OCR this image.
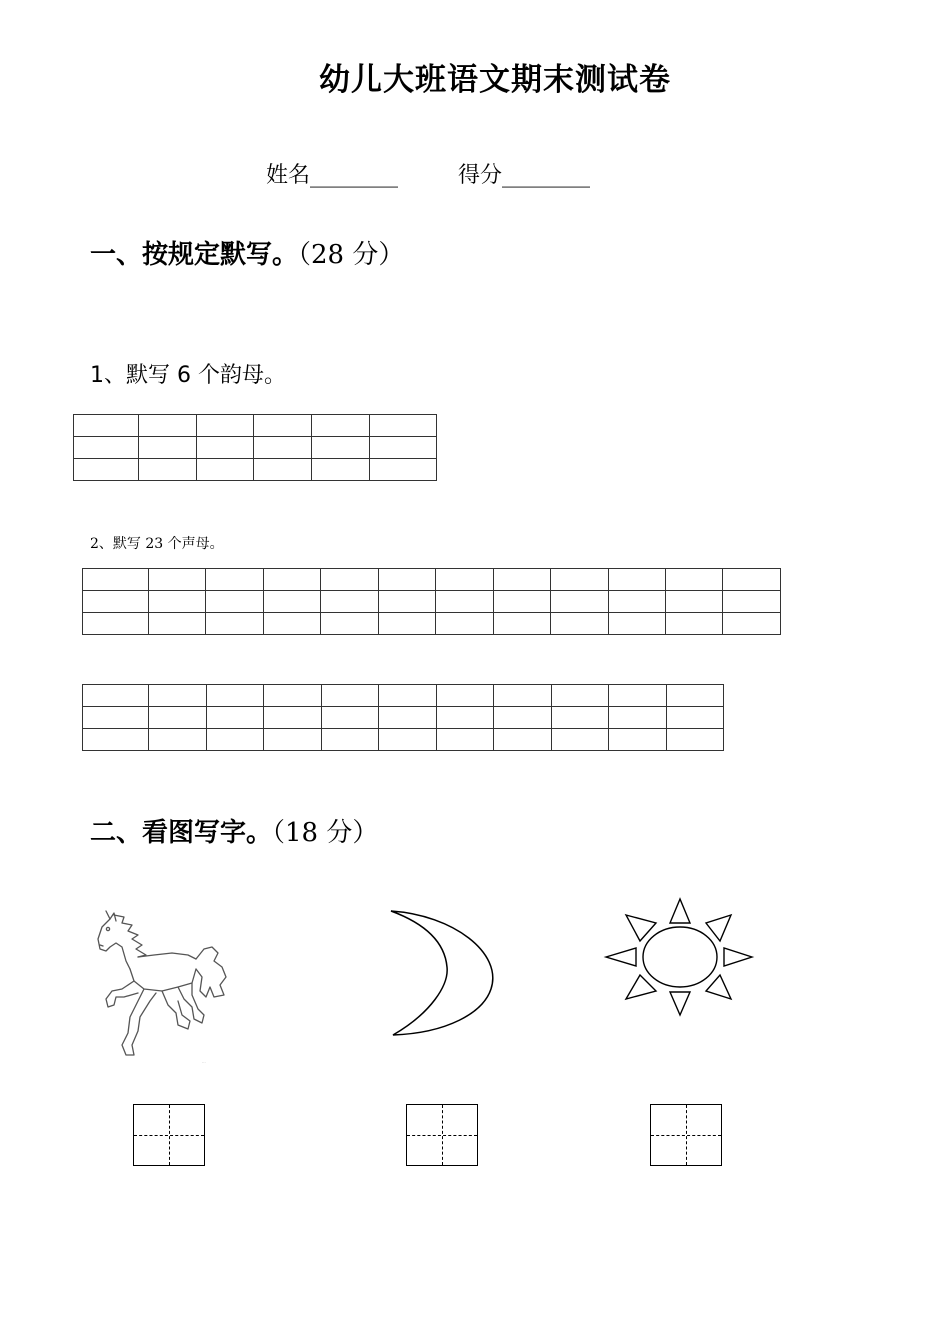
幼儿大班语文期末测试卷
姓名________	得分________
一、按规定默写。（28 分）
1、默写 6 个韵母。

2、默写 23 个声母。

二、看图写字。（18 分）
···
